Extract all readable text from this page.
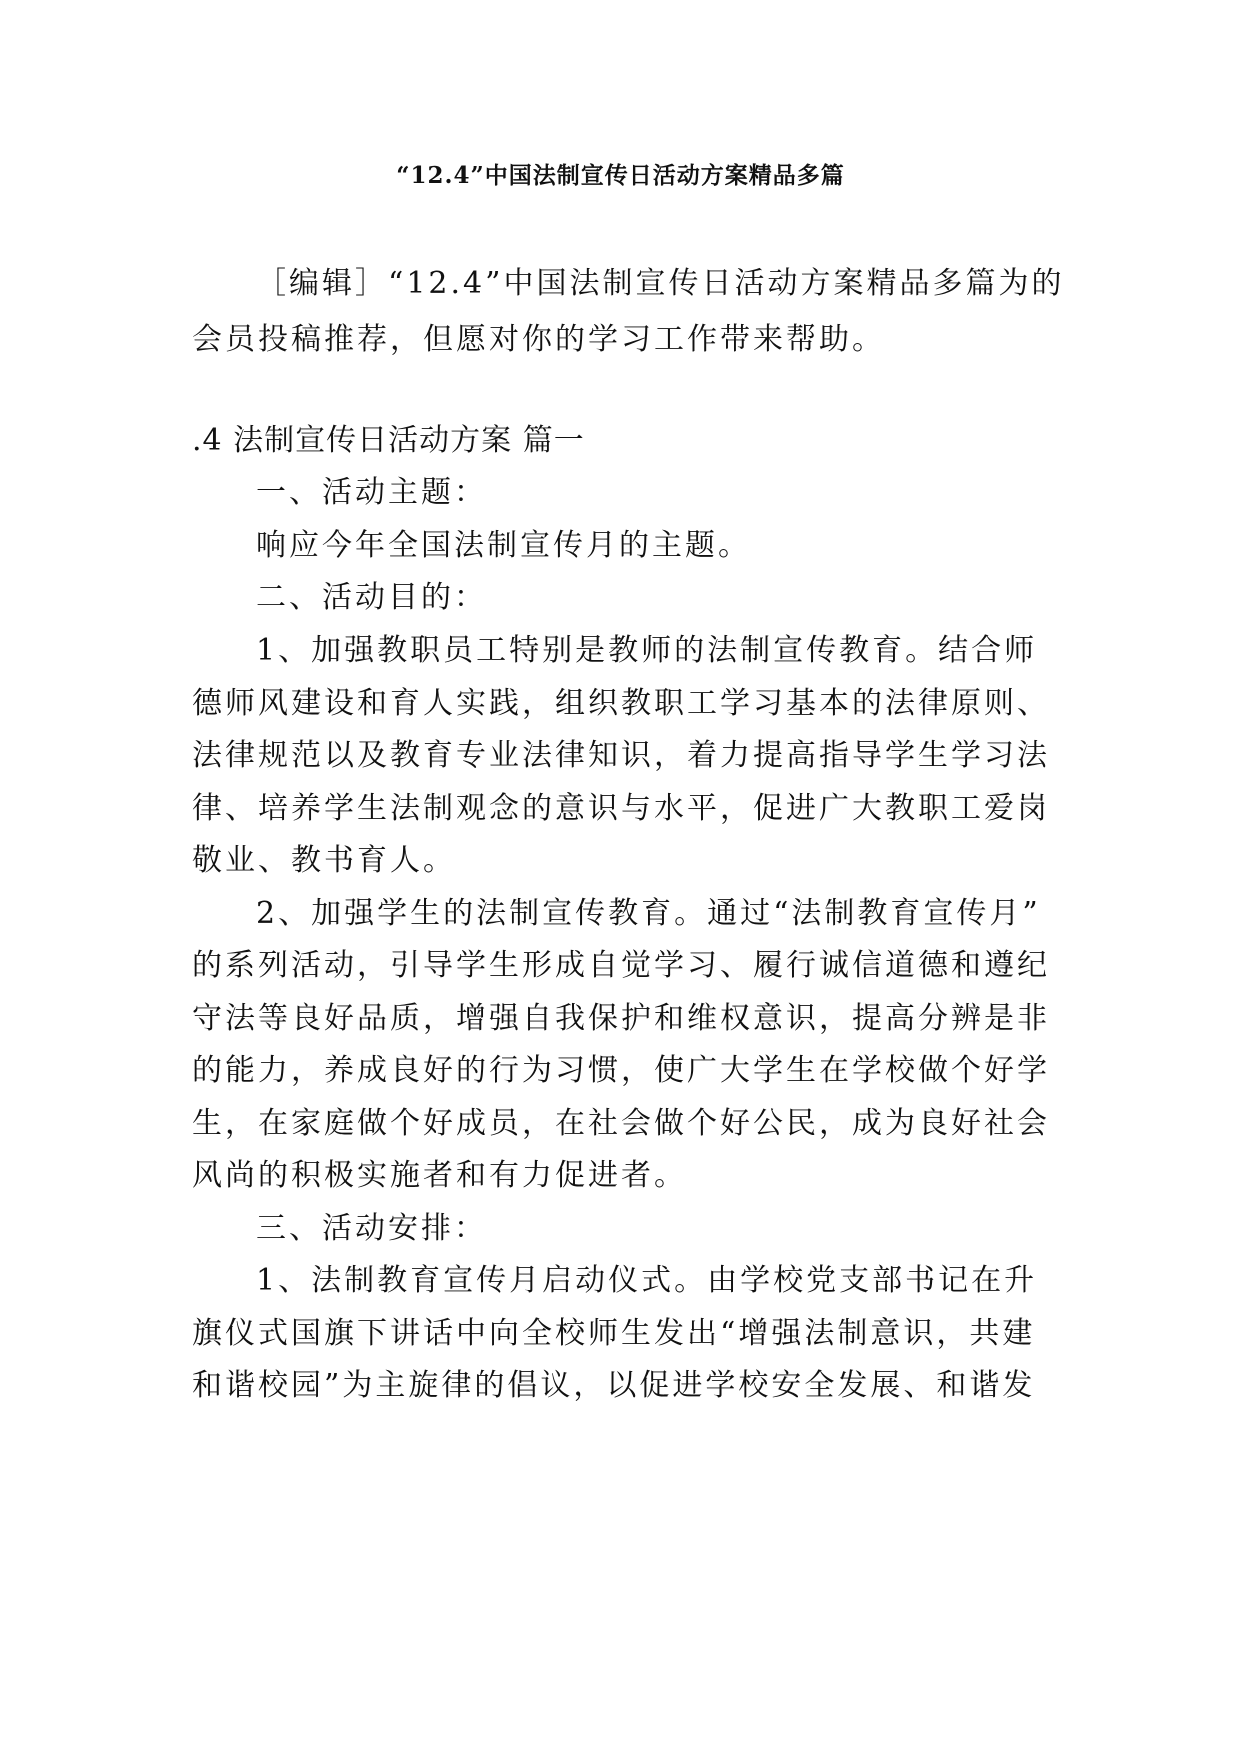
“12.4”中国法制宣传日活动方案精品多篇
［编辑］“12.4”中国法制宣传日活动方案精品多篇为的
会员投稿推荐，但愿对你的学习工作带来帮助。
.4 法制宣传日活动方案 篇一
一、活动主题：
响应今年全国法制宣传月的主题。
二、活动目的：
1、加强教职员工特别是教师的法制宣传教育。结合师
德师风建设和育人实践，组织教职工学习基本的法律原则、
法律规范以及教育专业法律知识，着力提高指导学生学习法
律、培养学生法制观念的意识与水平，促进广大教职工爱岗
敬业、教书育人。
2、加强学生的法制宣传教育。通过“法制教育宣传月”
的系列活动，引导学生形成自觉学习、履行诚信道德和遵纪
守法等良好品质，增强自我保护和维权意识，提高分辨是非
的能力，养成良好的行为习惯，使广大学生在学校做个好学
生，在家庭做个好成员，在社会做个好公民，成为良好社会
风尚的积极实施者和有力促进者。
三、活动安排：
1、法制教育宣传月启动仪式。由学校党支部书记在升
旗仪式国旗下讲话中向全校师生发出“增强法制意识，共建
和谐校园”为主旋律的倡议，以促进学校安全发展、和谐发
